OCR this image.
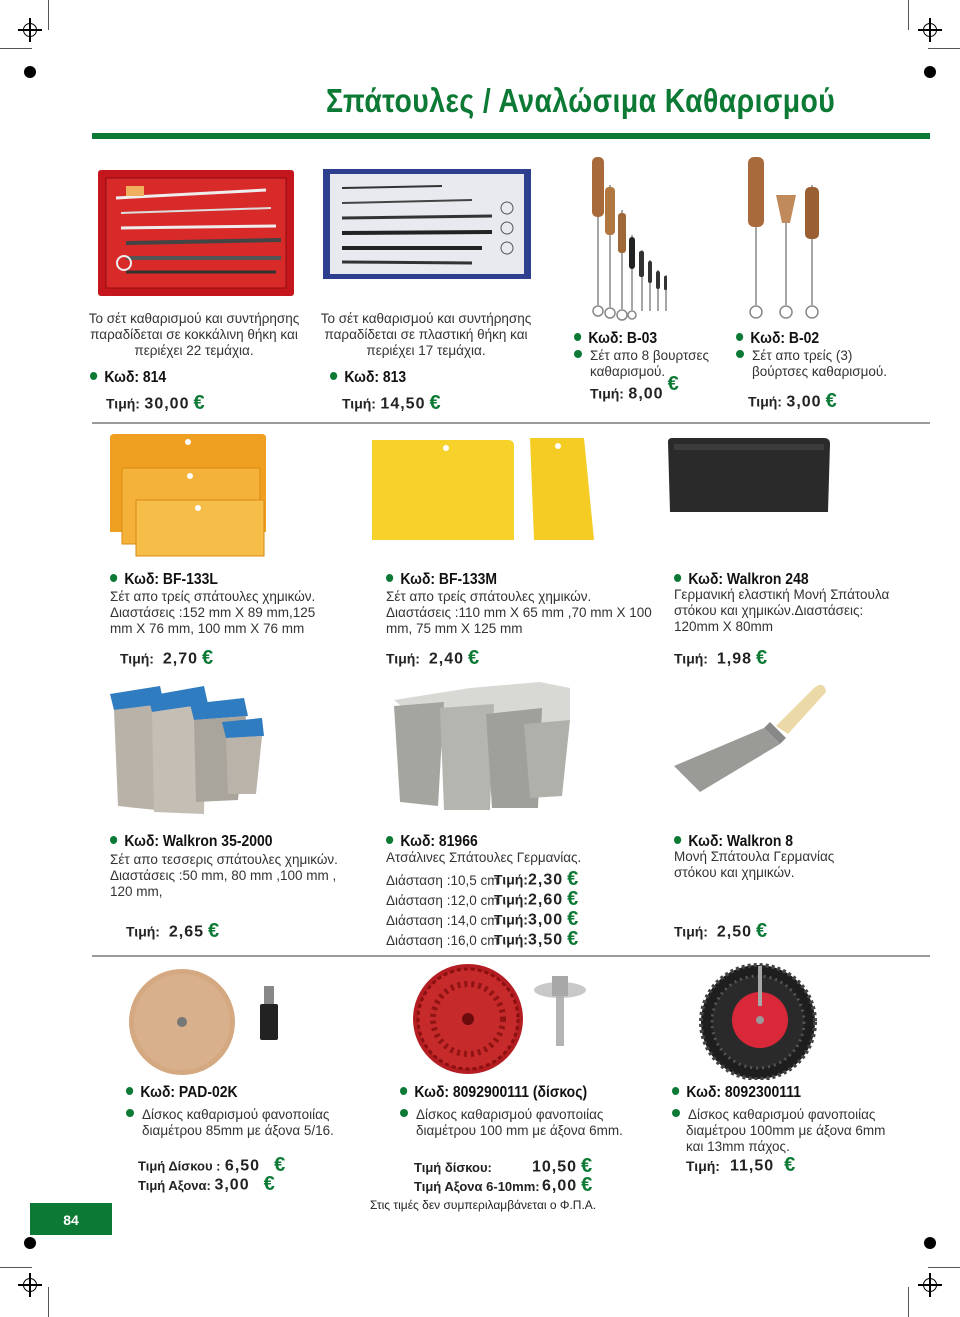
Σπάτουλες / Αναλώσιμα Καθαρισμού
Το σέτ καθαρισμού και συντήρησης
παραδίδεται σε κοκκάλινη θήκη και
περιέχει 22 τεμάχια.
Κωδ: 814
Τιμή: 30,00 €
Το σέτ καθαρισμού και συντήρησης
παραδίδεται σε πλαστική θήκη και
περιέχει 17 τεμάχια.
Κωδ: 813
Τιμή: 14,50 €
Κωδ: B-03
Σέτ απο 8 βουρτσες
καθαρισμού.
Τιμή: 8,00 €
Κωδ: B-02
Σέτ απο τρείς (3)
βούρτσες καθαρισμού.
Τιμή: 3,00 €
Κωδ: BF-133L
Σέτ απο τρείς σπάτουλες χημικών.
Διαστάσεις :152 mm X 89 mm,125
mm X 76 mm, 100 mm X 76 mm
Τιμή: 2,70 €
Κωδ: BF-133M
Σέτ απο τρείς σπάτουλες χημικών.
Διαστάσεις :110 mm X 65 mm ,70 mm X 100
mm, 75 mm X 125 mm
Τιμή: 2,40 €
Κωδ: Walkron 248
Γερμανική ελαστική Μονή Σπάτουλα
στόκου και χημικών.Διαστάσεις:
120mm X 80mm
Τιμή: 1,98 €
Κωδ: Walkron 35-2000
Σέτ απο τεσσερις σπάτουλες χημικών.
Διαστάσεις :50 mm, 80 mm ,100 mm ,
120 mm,
Τιμή: 2,65 €
Κωδ: 81966
Ατσάλινες Σπάτουλες Γερμανίας.
Διάσταση :10,5 cmΤιμή:2,30 €
Διάσταση :12,0 cmΤιμή:2,60 €
Διάσταση :14,0 cmΤιμή:3,00 €
Διάσταση :16,0 cmΤιμή:3,50 €
Κωδ: Walkron 8
Μονή Σπάτουλα Γερμανίας
στόκου και χημικών.
Τιμή: 2,50 €
Κωδ: PAD-02K
Δίσκος καθαρισμού φανοποιίας
διαμέτρου 85mm με άξονα 5/16.
Τιμή Δίσκου : 6,50 €
Τιμή Αξονα: 3,00 €
Κωδ: 8092900111 (δίσκος)
Δίσκος καθαρισμού φανοποιίας
διαμέτρου 100 mm με άξονα 6mm.
Τιμή δίσκου:	10,50 €
Τιμή Αξονα 6-10mm: 6,00 €
Στις τιμές δεν συμπεριλαμβάνεται ο Φ.Π.Α.
Κωδ: 8092300111
Δίσκος καθαρισμού φανοποιίας
διαμέτρου 100mm με άξονα 6mm
και 13mm πάχος.
Τιμή: 11,50 €
84
